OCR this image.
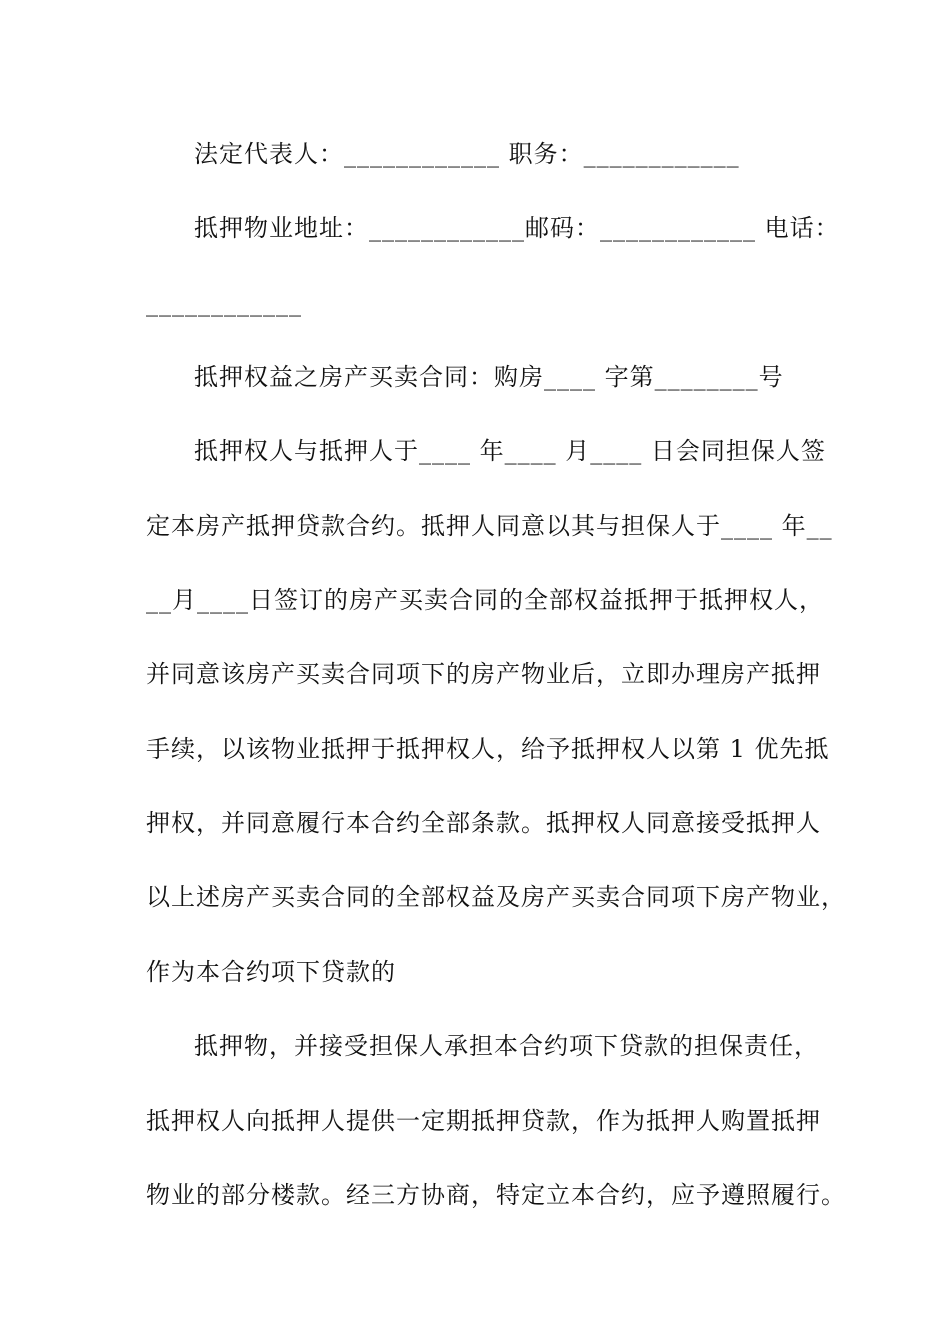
法定代表人：____________ 职务：____________
抵押物业地址：____________邮码：____________ 电话：
____________
抵押权益之房产买卖合同：购房____ 字第________号
抵押权人与抵押人于____ 年____ 月____ 日会同担保人签
定本房产抵押贷款合约。抵押人同意以其与担保人于____ 年__
__月____日签订的房产买卖合同的全部权益抵押于抵押权人，
并同意该房产买卖合同项下的房产物业后，立即办理房产抵押
手续，以该物业抵押于抵押权人，给予抵押权人以第 1 优先抵
押权，并同意履行本合约全部条款。抵押权人同意接受抵押人
以上述房产买卖合同的全部权益及房产买卖合同项下房产物业，
作为本合约项下贷款的
抵押物，并接受担保人承担本合约项下贷款的担保责任，
抵押权人向抵押人提供一定期抵押贷款，作为抵押人购置抵押
物业的部分楼款。经三方协商，特定立本合约，应予遵照履行。
